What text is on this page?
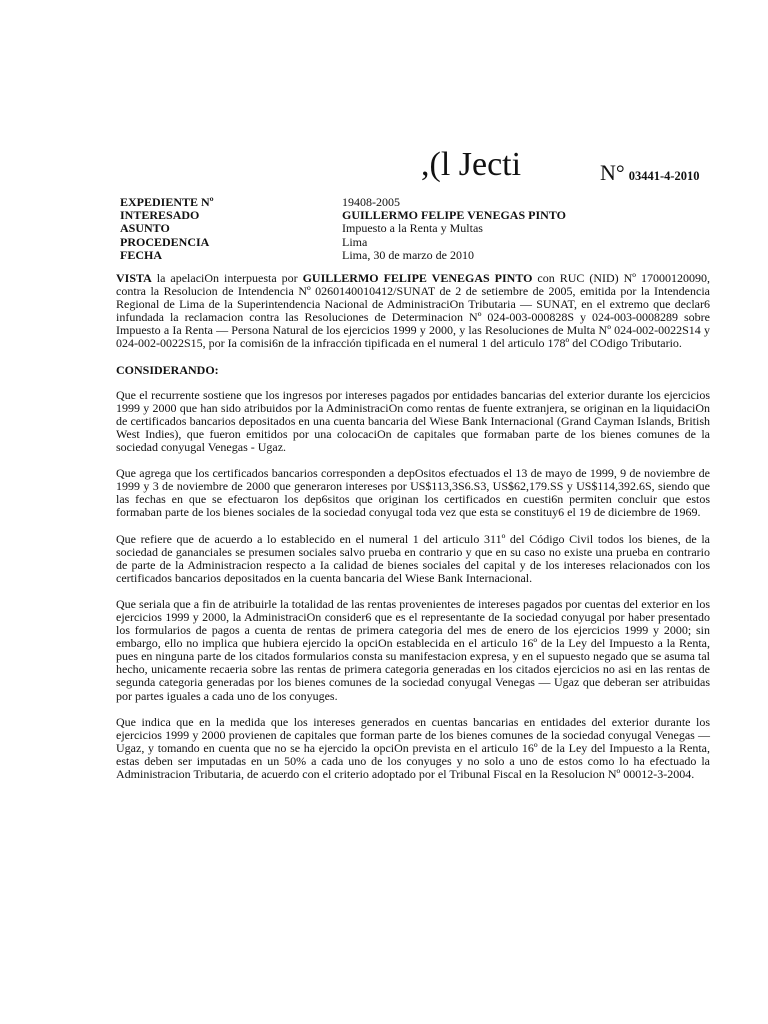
,(l Jecti	N° 03441-4-2010
EXPEDIENTE Nº	19408-2005
INTERESADO	GUILLERMO FELIPE VENEGAS PINTO
ASUNTO	Impuesto a la Renta y Multas
PROCEDENCIA	Lima
FECHA	Lima, 30 de marzo de 2010

VISTA la apelaciOn interpuesta por GUILLERMO FELIPE VENEGAS PINTO con RUC (NID) Nº 17000120090, contra la Resolucion de Intendencia Nº 0260140010412/SUNAT de 2 de setiembre de 2005, emitida por la Intendencia Regional de Lima de la Superintendencia Nacional de AdministraciOn Tributaria — SUNAT, en el extremo que declar6 infundada la reclamacion contra las Resoluciones de Determinacion Nº 024-003-000828S y 024-003-0008289 sobre Impuesto a Ia Renta — Persona Natural de los ejercicios 1999 y 2000, y las Resoluciones de Multa Nº 024-002-0022S14 y 024-002-0022S15, por Ia comisi6n de la infracción tipificada en el numeral 1 del articulo 178º del COdigo Tributario.

CONSIDERANDO:

Que el recurrente sostiene que los ingresos por intereses pagados por entidades bancarias del exterior durante los ejercicios 1999 y 2000 que han sido atribuidos por la AdministraciOn como rentas de fuente extranjera, se originan en la liquidaciOn de certificados bancarios depositados en una cuenta bancaria del Wiese Bank Internacional (Grand Cayman Islands, British West Indies), que fueron emitidos por una colocaciOn de capitales que formaban parte de los bienes comunes de la sociedad conyugal Venegas - Ugaz.

Que agrega que los certificados bancarios corresponden a depOsitos efectuados el 13 de mayo de 1999, 9 de noviembre de 1999 y 3 de noviembre de 2000 que generaron intereses por US$113,3S6.S3, US$62,179.SS y US$114,392.6S, siendo que las fechas en que se efectuaron los dep6sitos que originan los certificados en cuesti6n permiten concluir que estos formaban parte de los bienes sociales de la sociedad conyugal toda vez que esta se constituy6 el 19 de diciembre de 1969.

Que refiere que de acuerdo a lo establecido en el numeral 1 del articulo 311º del Código Civil todos los bienes, de la sociedad de gananciales se presumen sociales salvo prueba en contrario y que en su caso no existe una prueba en contrario de parte de la Administracion respecto a Ia calidad de bienes sociales del capital y de los intereses relacionados con los certificados bancarios depositados en la cuenta bancaria del Wiese Bank Internacional.

Que seriala que a fin de atribuirle la totalidad de las rentas provenientes de intereses pagados por cuentas del exterior en los ejercicios 1999 y 2000, la AdministraciOn consider6 que es el representante de Ia sociedad conyugal por haber presentado los formularios de pagos a cuenta de rentas de primera categoria del mes de enero de los ejercicios 1999 y 2000; sin embargo, ello no implica que hubiera ejercido la opciOn establecida en el articulo 16º de la Ley del Impuesto a la Renta, pues en ninguna parte de los citados formularios consta su manifestacion expresa, y en el supuesto negado que se asuma tal hecho, unicamente recaeria sobre las rentas de primera categoria generadas en los citados ejercicios no asi en las rentas de segunda categoria generadas por los bienes comunes de la sociedad conyugal Venegas — Ugaz que deberan ser atribuidas por partes iguales a cada uno de los conyuges.

Que indica que en la medida que los intereses generados en cuentas bancarias en entidades del exterior durante los ejercicios 1999 y 2000 provienen de capitales que forman parte de los bienes comunes de la sociedad conyugal Venegas — Ugaz, y tomando en cuenta que no se ha ejercido la opciOn prevista en el articulo 16º de la Ley del Impuesto a la Renta, estas deben ser imputadas en un 50% a cada uno de los conyuges y no solo a uno de estos como lo ha efectuado la Administracion Tributaria, de acuerdo con el criterio adoptado por el Tribunal Fiscal en la Resolucion Nº 00012-3-2004.
